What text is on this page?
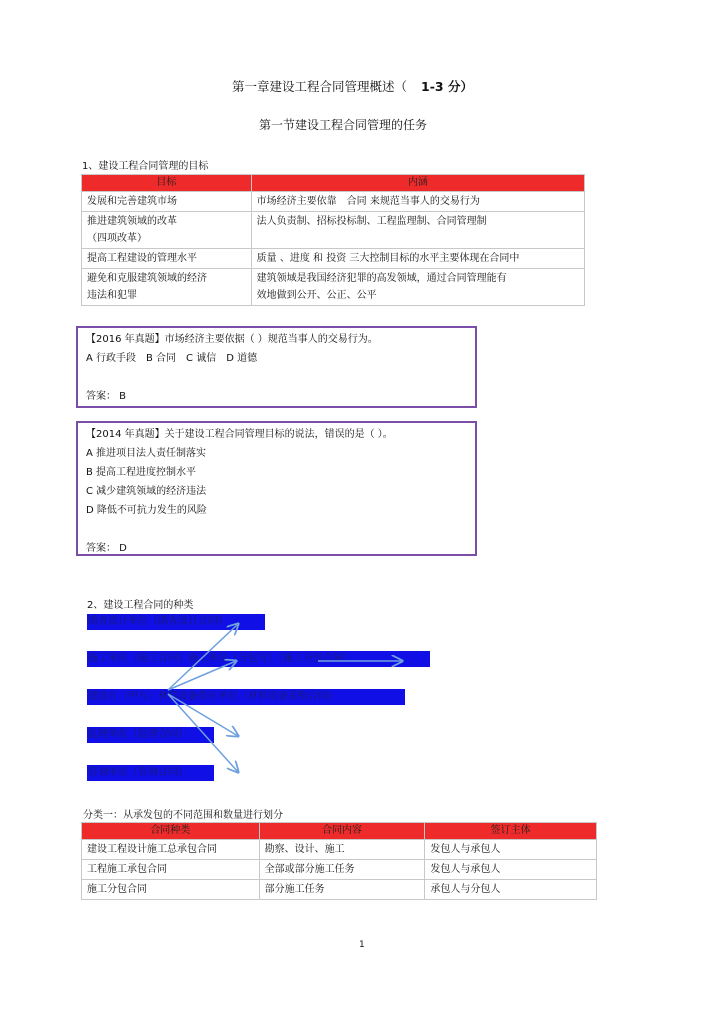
第一章建设工程合同管理概述（ 1-3 分）
第一节建设工程合同管理的任务
1、建设工程合同管理的目标
目标	内涵
发展和完善建筑市场	市场经济主要依靠　合同 来规范当事人的交易行为
推进建筑领域的改革
（四项改革）	法人负责制、招标投标制、工程监理制、合同管理制
提高工程建设的管理水平	质量 、进度 和 投资 三大控制目标的水平主要体现在合同中
避免和克服建筑领域的经济
违法和犯罪	建筑领域是我国经济犯罪的高发领域，通过合同管理能有
效地做到公开、公正、公平
【2016 年真题】市场经济主要依据（ ）规范当事人的交易行为。
A 行政手段　B 合同　C 诚信　D 道德
答案： B
【2014 年真题】关于建设工程合同管理目标的说法，错误的是（ ）。
A 推进项目法人责任制落实
B 提高工程进度控制水平
C 减少建筑领域的经济违法
D 降低不可抗力发生的风险
答案： D
2、建设工程合同的种类
勘查设计单位（勘查设计合同）
施工单位（施工合同）施工单位（分包方）（施工分包合同）
建设方（甲方）材料设备供应单位（材料设备采购合同）
监理单位（监理合同）
咨询单位（咨询合同）
分类一：从承发包的不同范围和数量进行划分
合同种类	合同内容	签订主体
建设工程设计施工总承包合同	勘察、设计、施工	发包人与承包人
工程施工承包合同	全部或部分施工任务	发包人与承包人
施工分包合同	部分施工任务	承包人与分包人
1
